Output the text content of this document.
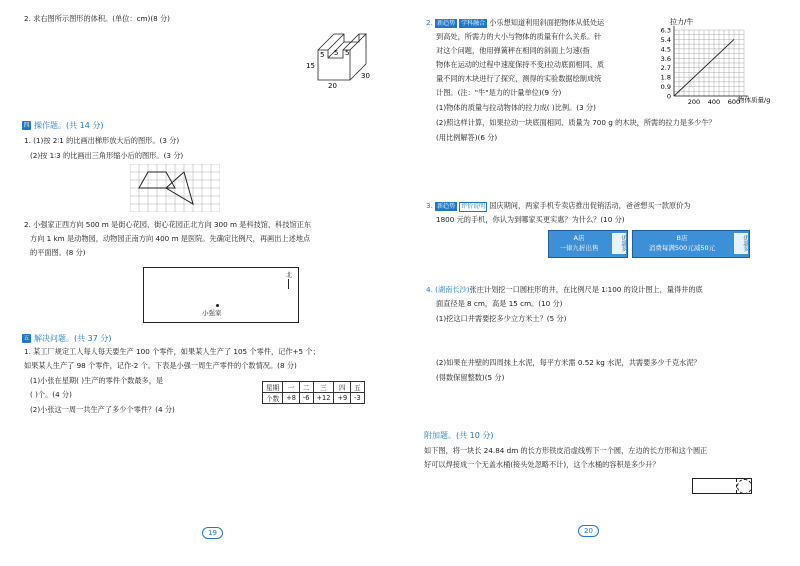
2. 求右图所示图形的体积。(单位：cm)(8 分)
15
5 5 5
20
30
四 操作题。(共 14 分)
1. (1)按 2∶1 的比画出梯形放大后的图形。(3 分)
(2)按 1∶3 的比画出三角形缩小后的图形。(3 分)
2. 小强家正西方向 500 m 是街心花园，街心花园正北方向 300 m 是科技馆，科技馆正东
方向 1 km 是动物园，动物园正南方向 400 m 是医院。先确定比例尺，再画出上述地点
的平面图。(8 分)
北
小强家
五 解决问题。(共 37 分)
1. 某工厂规定工人每人每天要生产 100 个零件，如果某人生产了 105 个零件，记作+5 个；
如果某人生产了 98 个零件，记作-2 个。下表是小强一周生产零件的个数情况。(8 分)
(1)小张在星期( )生产的零件个数最多，是
( )个。(4 分)
(2)小张这一周一共生产了多少个零件？(4 分)
星期	一	二	三	四	五
个数	+8	-6	+12	+9	-3
19
2. 新趋势 学科融合 小乐想知道利用斜面把物体从低处运
到高处，所需力的大小与物体的质量有什么关系。针
对这个问题，他用弹簧秤在相同的斜面上匀速(指
物体在运动的过程中速度保持不变)拉动底面相同、质
量不同的木块进行了探究，测得的实验数据绘制成统
计图。(注："牛"是力的计量单位)(9 分)
(1)物体的质量与拉动物体的拉力成( )比例。(3 分)
(2)照这样计算，如果拉动一块底面相同、质量为 700 g 的木块，所需的拉力是多少牛？
(用比例解答)(6 分)
拉力/牛
物体质量/g
6.3
5.4
4.5
3.6
2.7
1.8
0.9
0
200 400 600
3. 新趋势 评价说明 国庆期间，两家手机专卖店推出促销活动，爸爸想买一款原价为
1800 元的手机，你认为到哪家买更实惠？为什么？(10 分)
A店
一律九折出售	优惠多	B店
消费每满500元减50元	优惠多
4. (湖南长沙)张庄计划挖一口圆柱形的井，在比例尺是 1∶100 的设计图上，量得井的底
面直径是 8 cm，高是 15 cm。(10 分)
(1)挖这口井需要挖多少立方米土？(5 分)
(2)如果在井壁的四周抹上水泥，每平方米需 0.52 kg 水泥，共需要多少千克水泥？
(得数保留整数)(5 分)
附加题。(共 10 分)
如下图，将一块长 24.84 dm 的长方形铁皮沿虚线剪下一个圆，左边的长方形和这个圆正
好可以焊接成一个无盖水桶(接头处忽略不计)，这个水桶的容积是多少升？
20
